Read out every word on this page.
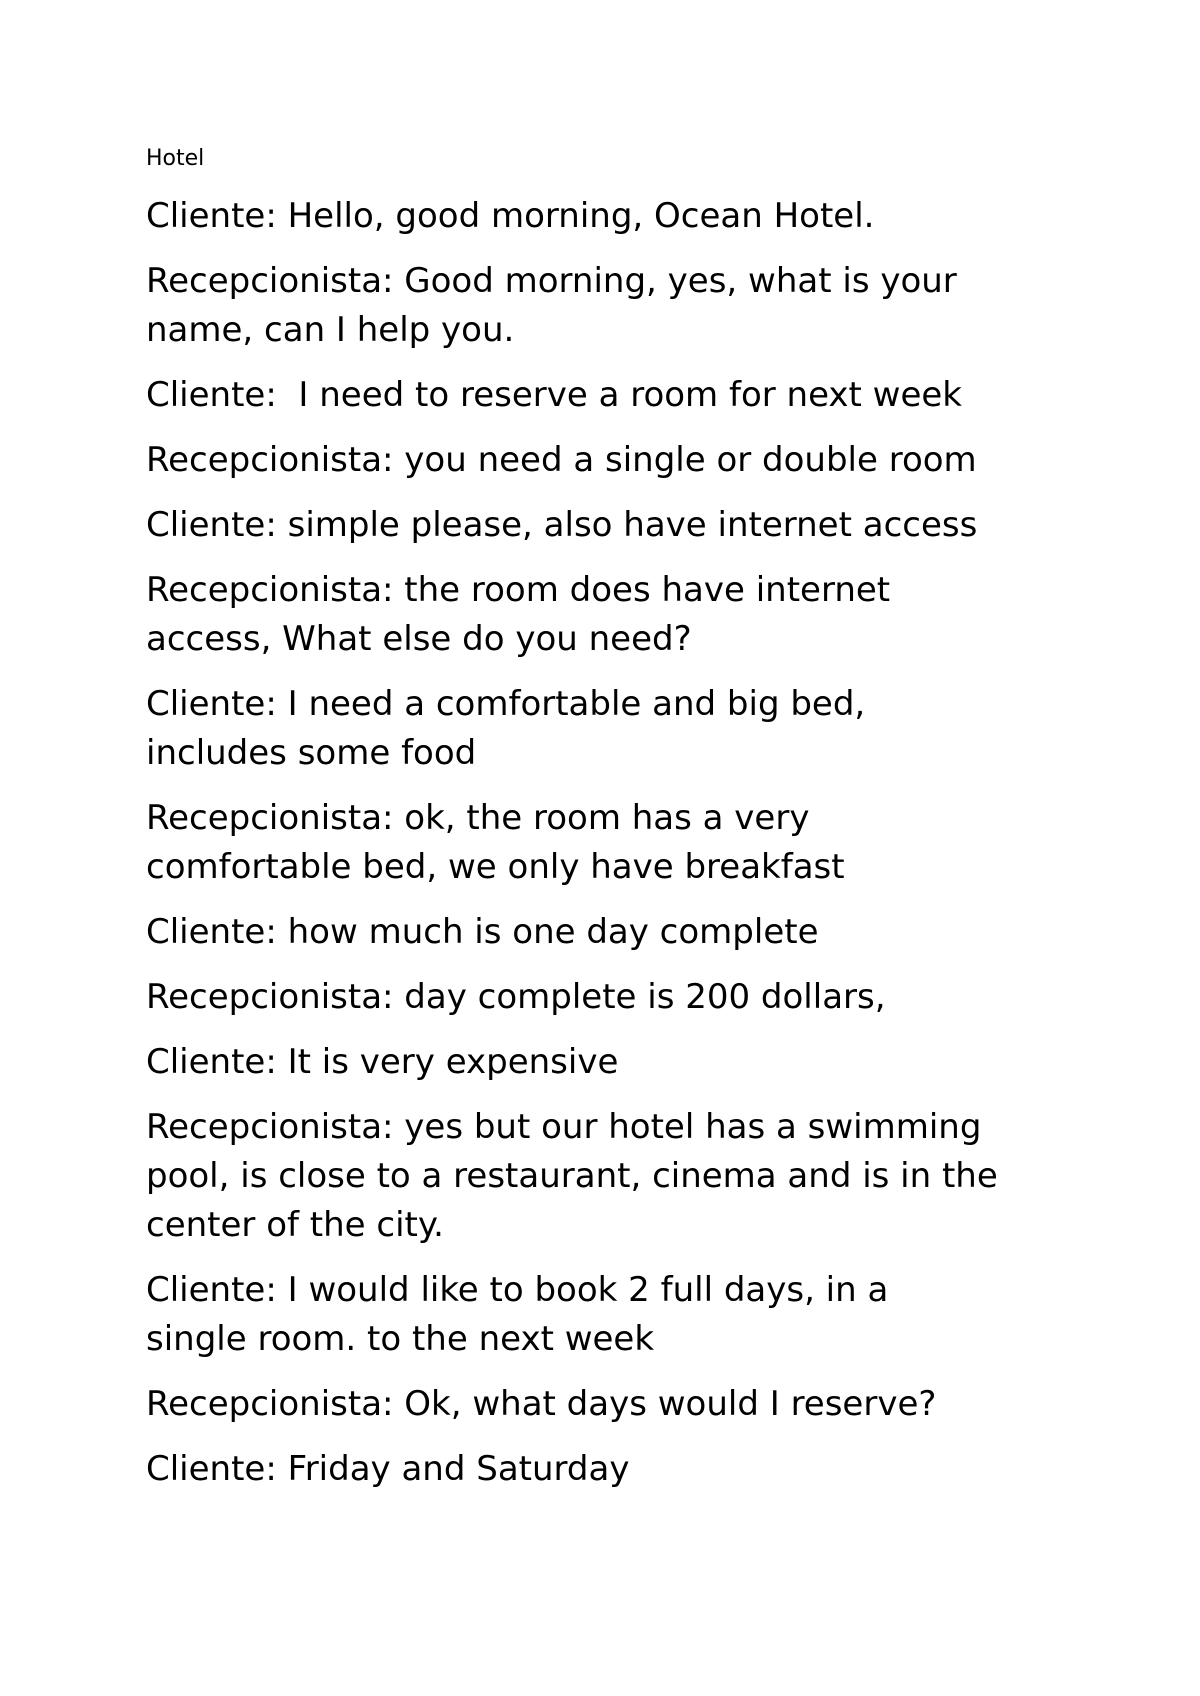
Hotel

Cliente: Hello, good morning, Ocean Hotel.

Recepcionista: Good morning, yes, what is your
name, can I help you.

Cliente:  I need to reserve a room for next week

Recepcionista: you need a single or double room

Cliente: simple please, also have internet access

Recepcionista: the room does have internet
access, What else do you need?

Cliente: I need a comfortable and big bed,
includes some food

Recepcionista: ok, the room has a very
comfortable bed, we only have breakfast

Cliente: how much is one day complete

Recepcionista: day complete is 200 dollars,

Cliente: It is very expensive

Recepcionista: yes but our hotel has a swimming
pool, is close to a restaurant, cinema and is in the
center of the city.

Cliente: I would like to book 2 full days, in a
single room. to the next week

Recepcionista: Ok, what days would I reserve?

Cliente: Friday and Saturday
